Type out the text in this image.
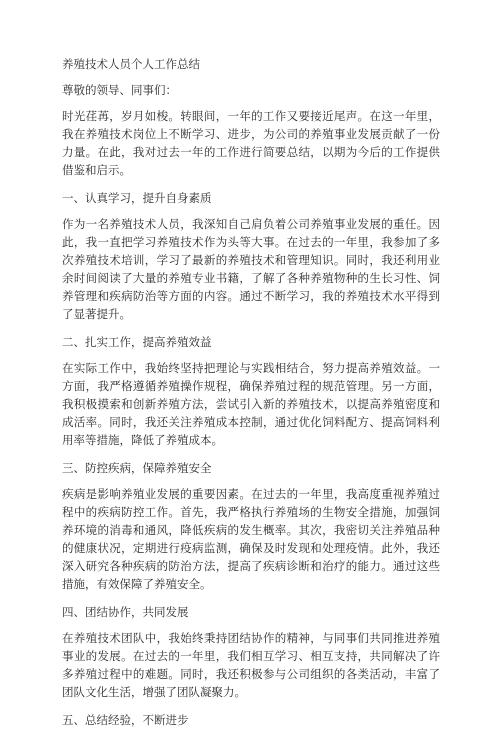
养殖技术人员个人工作总结

尊敬的领导、同事们：

时光荏苒，岁月如梭。转眼间，一年的工作又要接近尾声。在这一年里，我在养殖技术岗位上不断学习、进步，为公司的养殖事业发展贡献了一份力量。在此，我对过去一年的工作进行简要总结，以期为今后的工作提供借鉴和启示。

一、认真学习，提升自身素质

作为一名养殖技术人员，我深知自己肩负着公司养殖事业发展的重任。因此，我一直把学习养殖技术作为头等大事。在过去的一年里，我参加了多次养殖技术培训，学习了最新的养殖技术和管理知识。同时，我还利用业余时间阅读了大量的养殖专业书籍，了解了各种养殖物种的生长习性、饲养管理和疾病防治等方面的内容。通过不断学习，我的养殖技术水平得到了显著提升。

二、扎实工作，提高养殖效益

在实际工作中，我始终坚持把理论与实践相结合，努力提高养殖效益。一方面，我严格遵循养殖操作规程，确保养殖过程的规范管理。另一方面，我积极摸索和创新养殖方法，尝试引入新的养殖技术，以提高养殖密度和成活率。同时，我还关注养殖成本控制，通过优化饲料配方、提高饲料利用率等措施，降低了养殖成本。

三、防控疾病，保障养殖安全

疾病是影响养殖业发展的重要因素。在过去的一年里，我高度重视养殖过程中的疾病防控工作。首先，我严格执行养殖场的生物安全措施，加强饲养环境的消毒和通风，降低疾病的发生概率。其次，我密切关注养殖品种的健康状况，定期进行疫病监测，确保及时发现和处理疫情。此外，我还深入研究各种疾病的防治方法，提高了疾病诊断和治疗的能力。通过这些措施，有效保障了养殖安全。

四、团结协作，共同发展

在养殖技术团队中，我始终秉持团结协作的精神，与同事们共同推进养殖事业的发展。在过去的一年里，我们相互学习、相互支持，共同解决了许多养殖过程中的难题。同时，我还积极参与公司组织的各类活动，丰富了团队文化生活，增强了团队凝聚力。

五、总结经验，不断进步
